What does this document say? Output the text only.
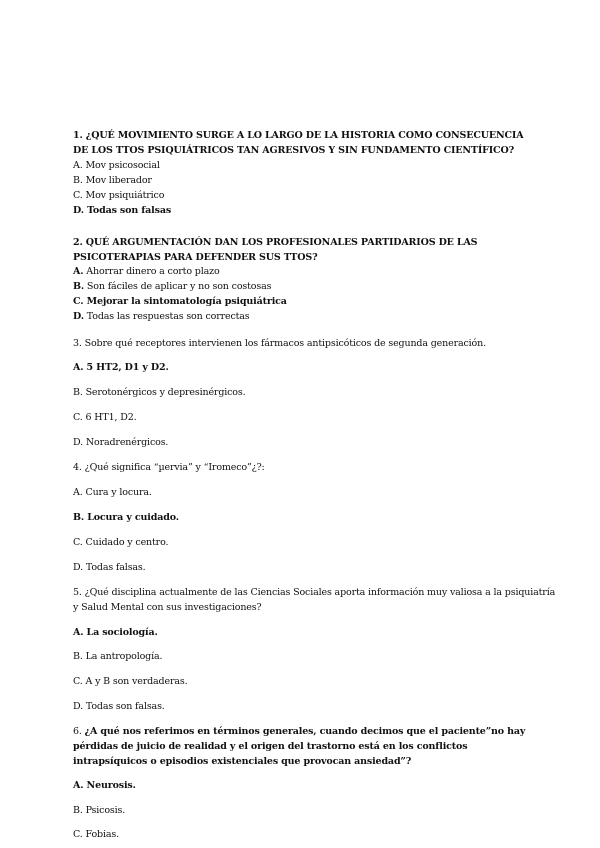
1. ¿QUÉ MOVIMIENTO SURGE A LO LARGO DE LA HISTORIA COMO CONSECUENCIA
DE LOS TTOS PSIQUIÁTRICOS TAN AGRESIVOS Y SIN FUNDAMENTO CIENTÍFICO?
A. Mov psicosocial
B. Mov liberador
C. Mov psiquiátrico
D. Todas son falsas
2. QUÉ ARGUMENTACIÓN DAN LOS PROFESIONALES PARTIDARIOS DE LAS
PSICOTERAPIAS PARA DEFENDER SUS TTOS?
A. Ahorrar dinero a corto plazo
B. Son fáciles de aplicar y no son costosas
C. Mejorar la sintomatología psiquiátrica
D. Todas las respuestas son correctas
3. Sobre qué receptores intervienen los fármacos antipsicóticos de segunda generación.
A. 5 HT2, D1 y D2.
B. Serotonérgicos y depresinérgicos.
C. 6 HT1, D2.
D. Noradrenérgicos.
4. ¿Qué significa “µervia” y “Iromeco”¿?:
A. Cura y locura.
B. Locura y cuidado.
C. Cuidado y centro.
D. Todas falsas.
5. ¿Qué disciplina actualmente de las Ciencias Sociales aporta información muy valiosa a la psiquiatría
y Salud Mental con sus investigaciones?
A. La sociología.
B. La antropología.
C. A y B son verdaderas.
D. Todas son falsas.
6. ¿A qué nos referimos en términos generales, cuando decimos que el paciente”no hay
pérdidas de juicio de realidad y el origen del trastorno está en los conflictos
intrapsíquicos o episodios existenciales que provocan ansiedad”?
A. Neurosis.
B. Psicosis.
C. Fobias.
